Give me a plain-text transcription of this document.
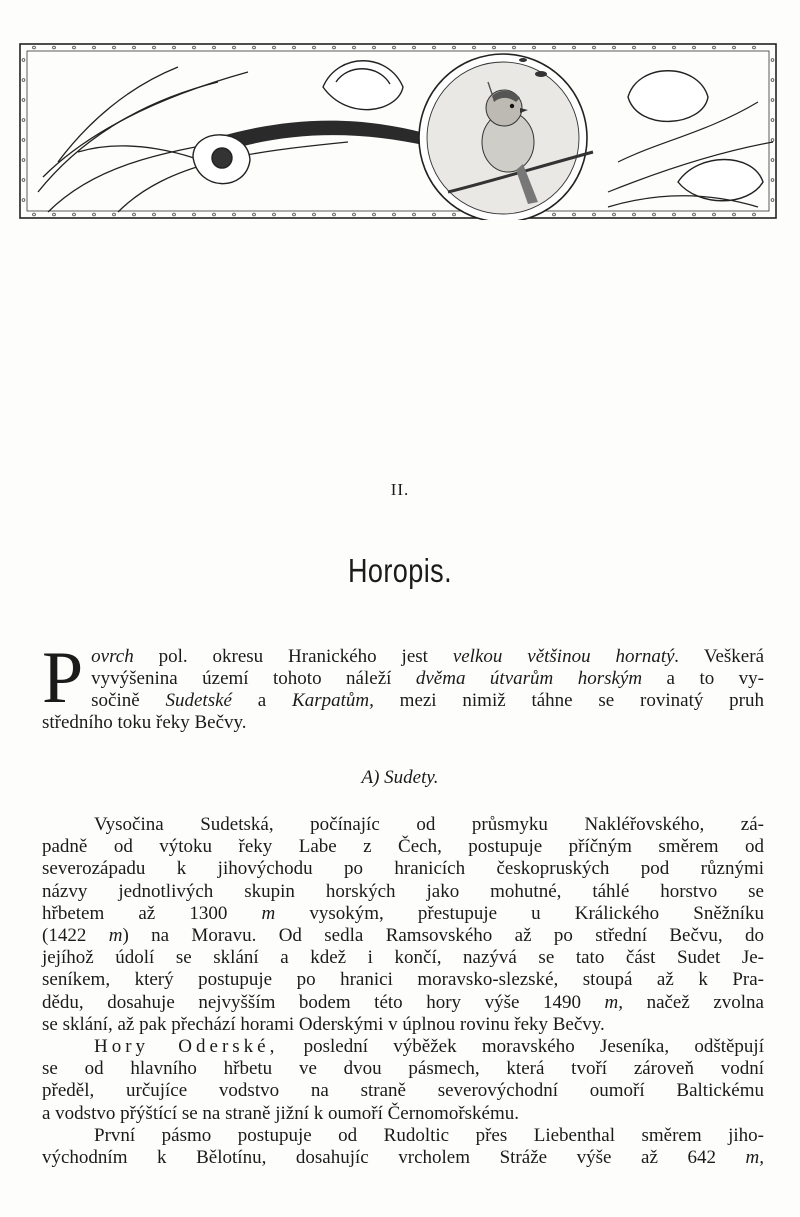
II.
Horopis.
P ovrch pol. okresu Hranického jest velkou většinou hornatý. Veškerá
vyvýšenina území tohoto náleží dvěma útvarům horským a to vy-
sočině Sudetské a Karpatům, mezi nimiž táhne se rovinatý pruh
středního toku řeky Bečvy.
A) Sudety.
Vysočina Sudetská, počínajíc od průsmyku Nakléřovského, zá-
padně od výtoku řeky Labe z Čech, postupuje příčným směrem od
severozápadu k jihovýchodu po hranicích českopruských pod různými
názvy jednotlivých skupin horských jako mohutné, táhlé horstvo se
hřbetem až 1300 m vysokým, přestupuje u Králického Sněžníku
(1422 m) na Moravu. Od sedla Ramsovského až po střední Bečvu, do
jejíhož údolí se sklání a kdež i končí, nazývá se tato část Sudet Je-
seníkem, který postupuje po hranici moravsko-slezské, stoupá až k Pra-
dědu, dosahuje nejvyšším bodem této hory výše 1490 m, načež zvolna
se sklání, až pak přechází horami Oderskými v úplnou rovinu řeky Bečvy.
Hory Oderské, poslední výběžek moravského Jeseníka, odštěpují
se od hlavního hřbetu ve dvou pásmech, která tvoří zároveň vodní
předěl, určujíce vodstvo na straně severovýchodní oumoří Baltickému
a vodstvo přýštící se na straně jižní k oumoří Černomořskému.
První pásmo postupuje od Rudoltic přes Liebenthal směrem jiho-
východním k Bělotínu, dosahujíc vrcholem Stráže výše až 642 m,
